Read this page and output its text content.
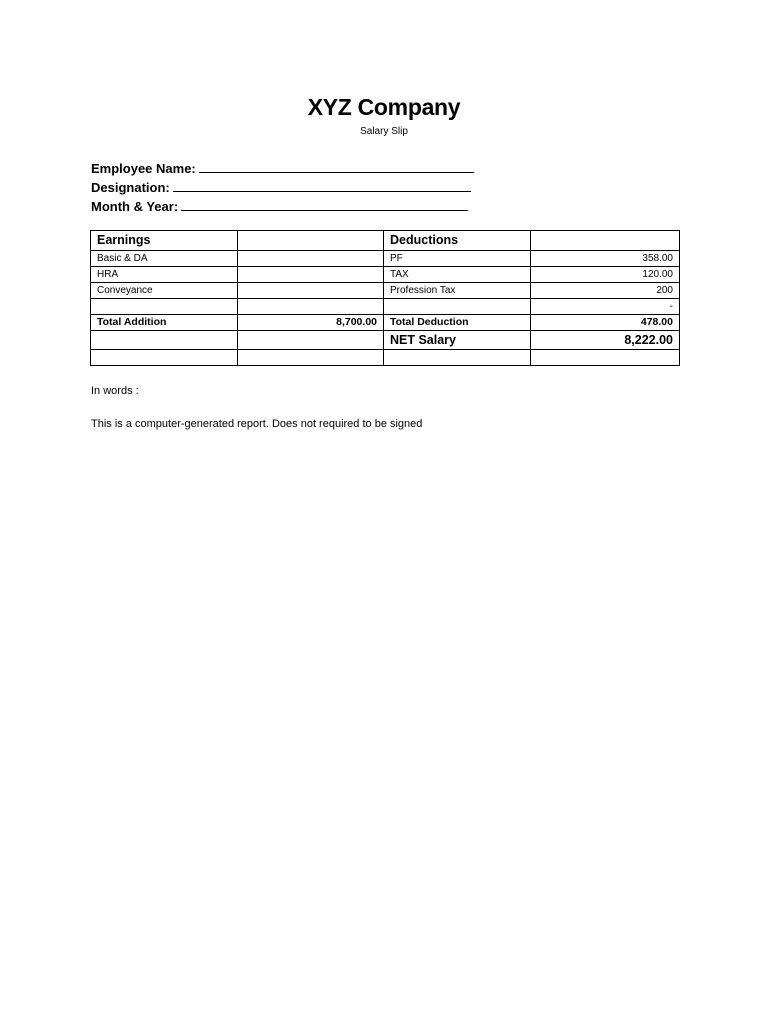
XYZ Company
Salary Slip
Employee Name:
Designation:
Month & Year:
Earnings		Deductions	
Basic & DA		PF	358.00
HRA		TAX	120.00
Conveyance		Profession Tax	200
			-
Total Addition	8,700.00	Total Deduction	478.00
		NET Salary	8,222.00

In words :
This is a computer-generated report. Does not required to be signed
